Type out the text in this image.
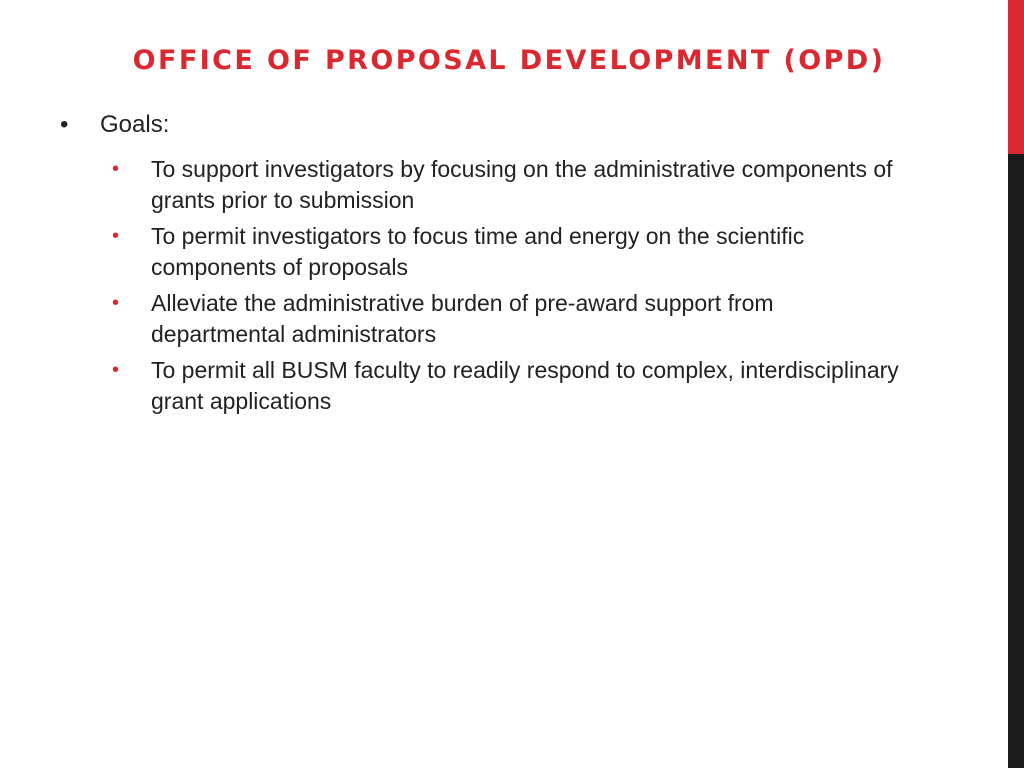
OFFICE OF PROPOSAL DEVELOPMENT (OPD)
•	Goals:
•	To support investigators by focusing on the administrative components of grants prior to submission
•	To permit investigators to focus time and energy on the scientific components of proposals
•	Alleviate the administrative burden of pre-award support from departmental administrators
•	To permit all BUSM faculty to readily respond to complex, interdisciplinary grant applications
